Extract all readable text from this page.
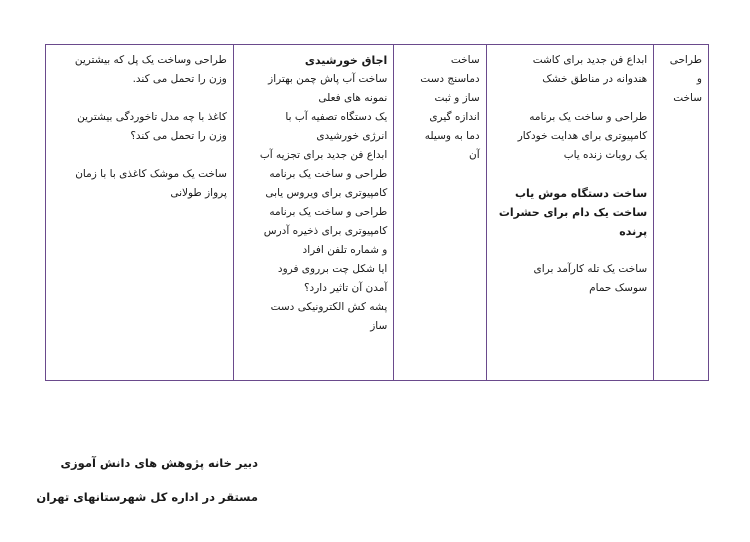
طراحی
و
ساخت

ابداع فن جدید برای کاشت
هندوانه در مناطق خشک
طراحی و ساخت یک برنامه
کامپیوتری برای هدایت خودکار
یک روبات زنده یاب
ساخت دستگاه موش یاب
ساخت یک دام برای حشرات
پرنده
ساخت یک تله کارآمد برای
سوسک حمام

ساخت
دماسنج دست
ساز و ثبت
اندازه گیری
دما به وسیله
آن

اجاق خورشیدی
ساخت آب پاش چمن بهتراز
نمونه های فعلی
یک دستگاه تصفیه آب با
انرژی خورشیدی
ابداع فن جدید برای تجزیه آب
طراحی و ساخت یک برنامه
کامپیوتری برای ویروس یابی
طراحی و ساخت یک برنامه
کامپیوتری برای ذخیره آدرس
و شماره تلفن افراد
ایا شکل چت برروی فرود
آمدن آن تاثیر دارد؟
پشه کش الکترونیکی دست
ساز

طراحی وساخت یک پل که بیشترین
وزن را تحمل می کند.
کاغذ با چه مدل تاخوردگی بیشترین
وزن را تحمل می کند؟
ساخت یک موشک کاغذی با با زمان
پرواز طولانی
دبیر خانه پژوهش های دانش آموزی
مستقر در اداره کل شهرستانهای تهران
